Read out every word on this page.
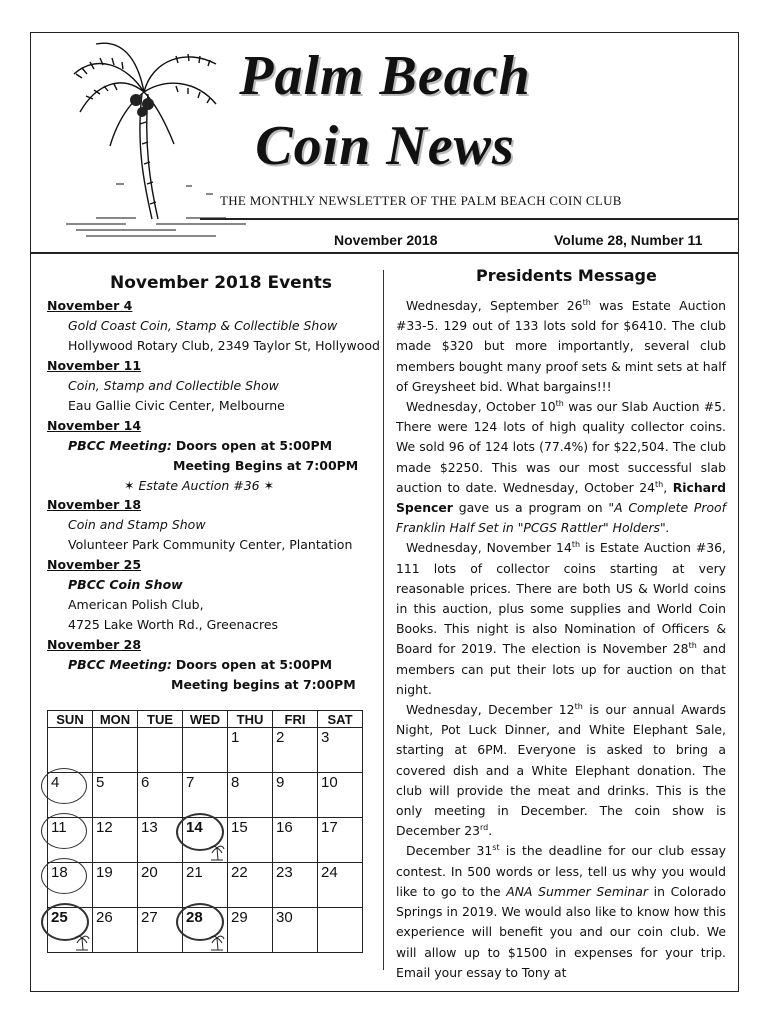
Palm Beach
Coin News
THE MONTHLY NEWSLETTER OF THE PALM BEACH COIN CLUB
November 2018	Volume 28, Number 11
November 2018 Events
November 4
Gold Coast Coin, Stamp & Collectible Show
Hollywood Rotary Club, 2349 Taylor St, Hollywood
November 11
Coin, Stamp and Collectible Show
Eau Gallie Civic Center, Melbourne
November 14
PBCC Meeting: Doors open at 5:00PM
Meeting Begins at 7:00PM
✶ Estate Auction #36 ✶
November 18
Coin and Stamp Show
Volunteer Park Community Center, Plantation
November 25
PBCC Coin Show
American Polish Club,
4725 Lake Worth Rd., Greenacres
November 28
PBCC Meeting: Doors open at 5:00PM
Meeting begins at 7:00PM
SUN	MON	TUE	WED	THU	FRI	SAT
				1	2	3

4	5	6	7	8	9	10

11	12	13	14	15	16	17

18	19	20	21	22	23	24

25	26	27	28	29	30	
Presidents Message

Wednesday, September 26th was Estate Auction #33-5. 129 out of 133 lots sold for $6410. The club made $320 but more importantly, several club members bought many proof sets & mint sets at half of Greysheet bid. What bargains!!!

Wednesday, October 10th was our Slab Auction #5. There were 124 lots of high quality collector coins. We sold 96 of 124 lots (77.4%) for $22,504. The club made $2250. This was our most successful slab auction to date. Wednesday, October 24th, Richard Spencer gave us a program on "A Complete Proof Franklin Half Set in "PCGS Rattler" Holders".

Wednesday, November 14th is Estate Auction #36, 111 lots of collector coins starting at very reasonable prices. There are both US & World coins in this auction, plus some supplies and World Coin Books. This night is also Nomination of Officers & Board for 2019. The election is November 28th and members can put their lots up for auction on that night.

Wednesday, December 12th is our annual Awards Night, Pot Luck Dinner, and White Elephant Sale, starting at 6PM. Everyone is asked to bring a covered dish and a White Elephant donation. The club will provide the meat and drinks. This is the only meeting in December. The coin show is December 23rd.

December 31st is the deadline for our club essay contest. In 500 words or less, tell us why you would like to go to the ANA Summer Seminar in Colorado Springs in 2019. We would also like to know how this experience will benefit you and our coin club. We will allow up to $1500 in expenses for your trip. Email your essay to Tony at
